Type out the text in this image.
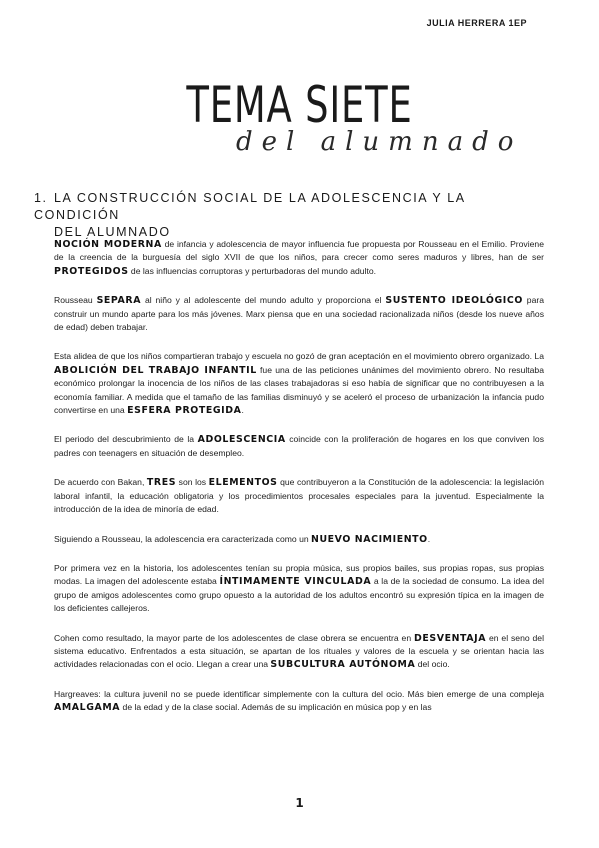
JULIA HERRERA 1EP
TEMA SIETE
del alumnado
1. LA CONSTRUCCIÓN SOCIAL DE LA ADOLESCENCIA Y LA CONDICIÓN
DEL ALUMNADO

NOCIÓN MODERNA de infancia y adolescencia de mayor influencia fue propuesta por Rousseau en el Emilio. Proviene de la creencia de la burguesía del siglo XVII de que los niños, para crecer como seres maduros y libres, han de ser PROTEGIDOS de las influencias corruptoras y perturbadoras del mundo adulto.

Rousseau SEPARA al niño y al adolescente del mundo adulto y proporciona el SUSTENTO IDEOLÓGICO para construir un mundo aparte para los más jóvenes. Marx piensa que en una sociedad racionalizada niños (desde los nueve años de edad) deben trabajar.

Esta alidea de que los niños compartieran trabajo y escuela no gozó de gran aceptación en el movimiento obrero organizado. La ABOLICIÓN DEL TRABAJO INFANTIL fue una de las peticiones unánimes del movimiento obrero. No resultaba económico prolongar la inocencia de los niños de las clases trabajadoras si eso había de significar que no contribuyesen a la economía familiar. A medida que el tamaño de las familias disminuyó y se aceleró el proceso de urbanización la infancia pudo convertirse en una ESFERA PROTEGIDA.

El periodo del descubrimiento de la ADOLESCENCIA coincide con la proliferación de hogares en los que conviven los padres con teenagers en situación de desempleo.

De acuerdo con Bakan, TRES son los ELEMENTOS que contribuyeron a la Constitución de la adolescencia: la legislación laboral infantil, la educación obligatoria y los procedimientos procesales especiales para la juventud. Especialmente la introducción de la idea de minoría de edad.

Siguiendo a Rousseau, la adolescencia era caracterizada como un NUEVO NACIMIENTO.

Por primera vez en la historia, los adolescentes tenían su propia música, sus propios bailes, sus propias ropas, sus propias modas. La imagen del adolescente estaba ÍNTIMAMENTE VINCULADA a la de la sociedad de consumo. La idea del grupo de amigos adolescentes como grupo opuesto a la autoridad de los adultos encontró su expresión típica en la imagen de los deficientes callejeros.

Cohen como resultado, la mayor parte de los adolescentes de clase obrera se encuentra en DESVENTAJA en el seno del sistema educativo. Enfrentados a esta situación, se apartan de los rituales y valores de la escuela y se orientan hacia las actividades relacionadas con el ocio. Llegan a crear una SUBCULTURA AUTÓNOMA del ocio.

Hargreaves: la cultura juvenil no se puede identificar simplemente con la cultura del ocio. Más bien emerge de una compleja AMALGAMA de la edad y de la clase social. Además de su implicación en música pop y en las

1
